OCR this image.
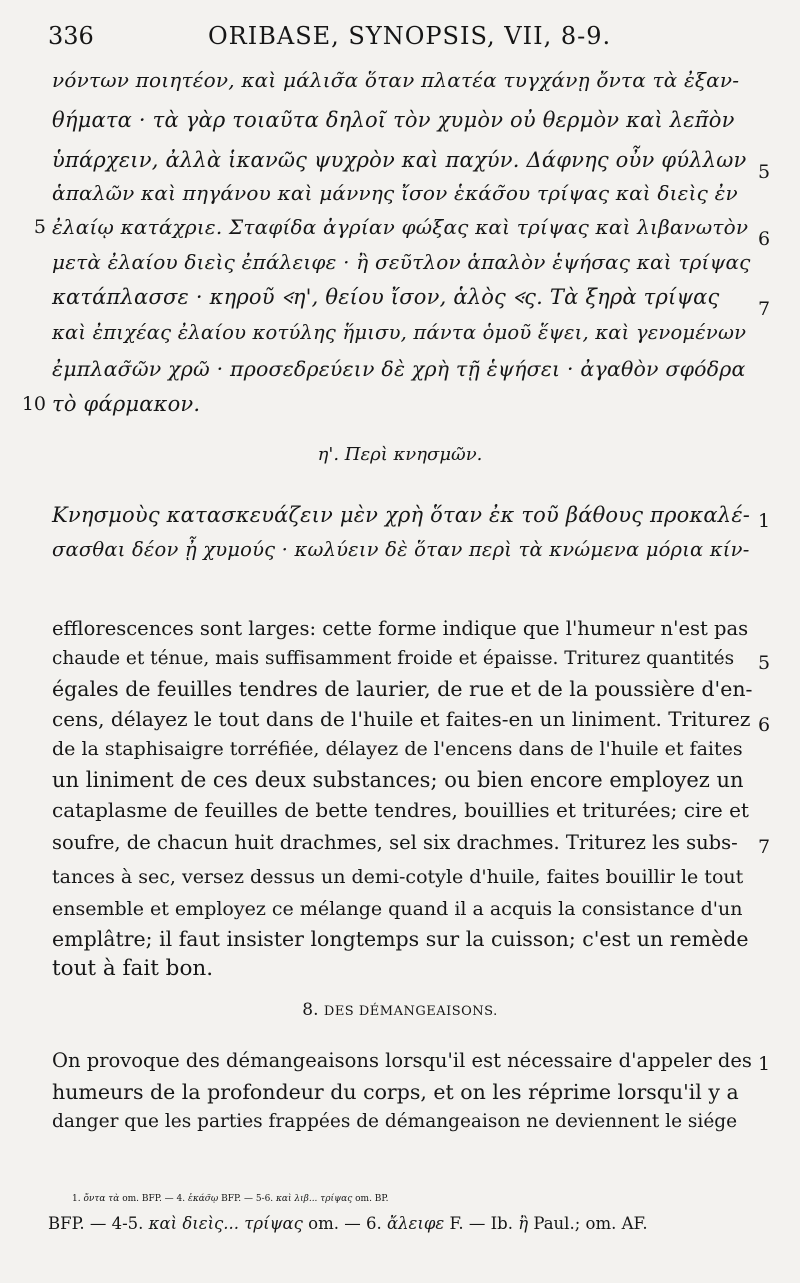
336	ORIBASE, SYNOPSIS, VII, 8-9.
νόντων ποιητέον, καὶ μάλισ̃α ὅταν πλατέα τυγχάνῃ ὄντα τὰ ἐξαν-
θήματα · τὰ γὰρ τοιαῦτα δηλοῖ τὸν χυμὸν οὐ θερμὸν καὶ λεπ̃ὸν
ὑπάρχειν, ἀλλὰ ἱκανῶς ψυχρὸν καὶ παχύν. Δάφνης οὖν φύλλων
ἁπαλῶν καὶ πηγάνου καὶ μάννης ἴσον ἑκάσ̃ου τρίψας καὶ διεὶς ἐν
ἐλαίῳ κατάχριε. Σταφίδα ἀγρίαν φώξας καὶ τρίψας καὶ λιβανωτὸν
μετὰ ἐλαίου διεὶς ἐπάλειφε · ἢ σεῦτλον ἁπαλὸν ἑψήσας καὶ τρίψας
κατάπλασσε · κηροῦ 𐅻η', θείου ἴσον, ἁλὸς 𐅻ς. Τὰ ξηρὰ τρίψας
καὶ ἐπιχέας ἐλαίου κοτύλης ἥμισυ, πάντα ὁμοῦ ἕψει, καὶ γενομένων
ἐμπλασ̃ῶν χρῶ · προσεδρεύειν δὲ χρὴ τῇ ἑψήσει · ἀγαθὸν σφόδρα
τὸ φάρμακον.
5
10
5
6
7
η'. Περὶ κνησμῶν.
Κνησμοὺς κατασκευάζειν μὲν χρὴ ὅταν ἐκ τοῦ βάθους προκαλέ-
σασθαι δέον ᾖ χυμούς · κωλύειν δὲ ὅταν περὶ τὰ κνώμενα μόρια κίν-
1
efflorescences sont larges: cette forme indique que l'humeur n'est pas
chaude et ténue, mais suffisamment froide et épaisse. Triturez quantités
égales de feuilles tendres de laurier, de rue et de la poussière d'en-
cens, délayez le tout dans de l'huile et faites-en un liniment. Triturez
de la staphisaigre torréfiée, délayez de l'encens dans de l'huile et faites
un liniment de ces deux substances; ou bien encore employez un
cataplasme de feuilles de bette tendres, bouillies et triturées; cire et
soufre, de chacun huit drachmes, sel six drachmes. Triturez les subs-
tances à sec, versez dessus un demi-cotyle d'huile, faites bouillir le tout
ensemble et employez ce mélange quand il a acquis la consistance d'un
emplâtre; il faut insister longtemps sur la cuisson; c'est un remède
tout à fait bon.
5
6
7
8. DES DÉMANGEAISONS.
On provoque des démangeaisons lorsqu'il est nécessaire d'appeler des
humeurs de la profondeur du corps, et on les réprime lorsqu'il y a
danger que les parties frappées de démangeaison ne deviennent le siége
1
1. ὄντα τὰ om. BFP. — 4. ἑκάσ̃ῳ BFP. — 5-6. καὶ λιβ... τρίψας om. BP.
BFP. — 4-5. καὶ διεὶς... τρίψας om. — 6. ἄλειφε F. — Ib. ἢ Paul.; om. AF.
